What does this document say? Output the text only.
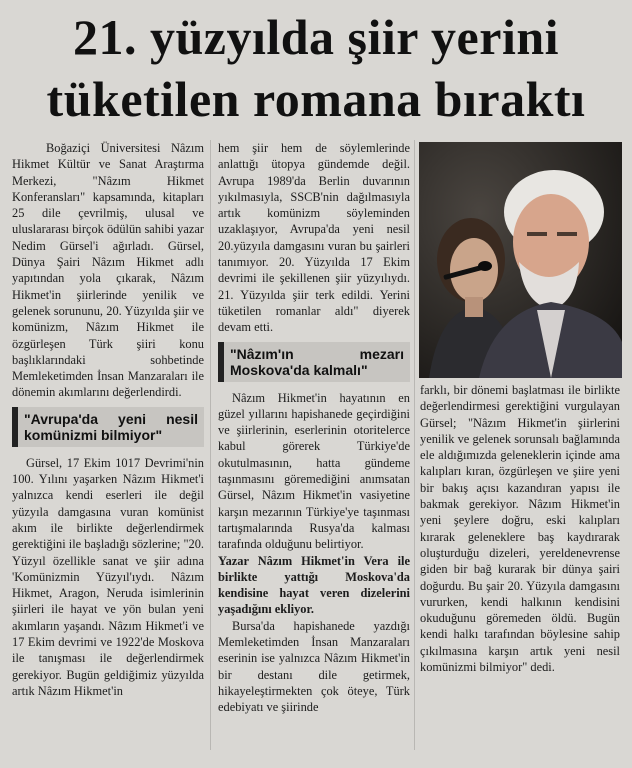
21. yüzyılda şiir yerini
tüketilen romana bıraktı

Boğaziçi Üniversitesi Nâzım Hikmet Kültür ve Sanat Araştırma Merkezi, "Nâzım Hikmet Konferansları" kapsamında, kitapları 25 dile çevrilmiş, ulusal ve uluslararası birçok ödülün sahibi yazar Nedim Gürsel'i ağırladı. Gürsel, Dünya Şairi Nâzım Hikmet adlı yapıtından yola çıkarak, Nâzım Hikmet'in şiirlerinde yenilik ve gelenek sorununu, 20. Yüzyılda şiir ve komünizm, Nâzım Hikmet ile özgürleşen Türk şiiri konu başlıklarındaki sohbetinde Memleketimden İnsan Manzaraları ile dönemin akımlarını değerlendirdi.

"Avrupa'da yeni nesil komünizmi bilmiyor"

Gürsel, 17 Ekim 1017 Devrimi'nin 100. Yılını yaşarken Nâzım Hikmet'i yalnızca kendi eserleri ile değil yüzyıla damgasına vuran komünist akım ile birlikte değerlendirmek gerektiğini ile başladığı sözlerine; "20. Yüzyıl özellikle sanat ve şiir adına 'Komünizmin Yüzyıl'ıydı. Nâzım Hikmet, Aragon, Neruda isimlerinin şiirleri ile hayat ve yön bulan yeni akımların yaşandı. Nâzım Hikmet'i ve 17 Ekim devrimi ve 1922'de Moskova ile tanışması ile değerlendirmek gerekiyor. Bugün geldiğimiz yüzyılda artık Nâzım Hikmet'in

hem şiir hem de söylemlerinde anlattığı ütopya gündemde değil. Avrupa 1989'da Berlin duvarının yıkılmasıyla, SSCB'nin dağılmasıyla artık komünizm söyleminden uzaklaşıyor, Avrupa'da yeni nesil 20.yüzyıla damgasını vuran bu şairleri tanımıyor. 20. Yüzyılda 17 Ekim devrimi ile şekillenen şiir yüzyılıydı. 21. Yüzyılda şiir terk edildi. Yerini tüketilen romanlar aldı" diyerek devam etti.

"Nâzım'ın mezarı Moskova'da kalmalı"

Nâzım Hikmet'in hayatının en güzel yıllarını hapishanede geçirdiğini ve şiirlerinin, eserlerinin otoritelerce kabul görerek Türkiye'de okutulmasının, hatta gündeme taşınmasını göremediğini anımsatan Gürsel, Nâzım Hikmet'in vasiyetine karşın mezarının Türkiye'ye taşınması tartışmalarında Rusya'da kalması tarafında olduğunu belirtiyor.

Yazar Nâzım Hikmet'in Vera ile birlikte yattığı Moskova'da kendisine hayat veren dizelerini yaşadığını ekliyor.

Bursa'da hapishanede yazdığı Memleketimden İnsan Manzaraları eserinin ise yalnızca Nâzım Hikmet'in bir destanı dile getirmek, hikayeleştirmekten çok öteye, Türk edebiyatı ve şiirinde

farklı, bir dönemi başlatması ile birlikte değerlendirmesi gerektiğini vurgulayan Gürsel; "Nâzım Hikmet'in şiirlerini yenilik ve gelenek sorunsalı bağlamında ele aldığımızda geleneklerin içinde ama kalıpları kıran, özgürleşen ve şiire yeni bir bakış açısı kazandıran yapısı ile bakmak gerekiyor. Nâzım Hikmet'in yeni şeylere doğru, eski kalıpları kırarak geleneklere baş kaydırarak oluşturduğu dizeleri, yereldenevrense giden bir bağ kurarak bir dünya şairi doğurdu. Bu şair 20. Yüzyıla damgasını vururken, kendi halkının kendisini okuduğunu göremeden öldü. Bugün kendi halkı tarafından böylesine sahip çıkılmasına karşın artık yeni nesil komünizmi bilmiyor" dedi.
